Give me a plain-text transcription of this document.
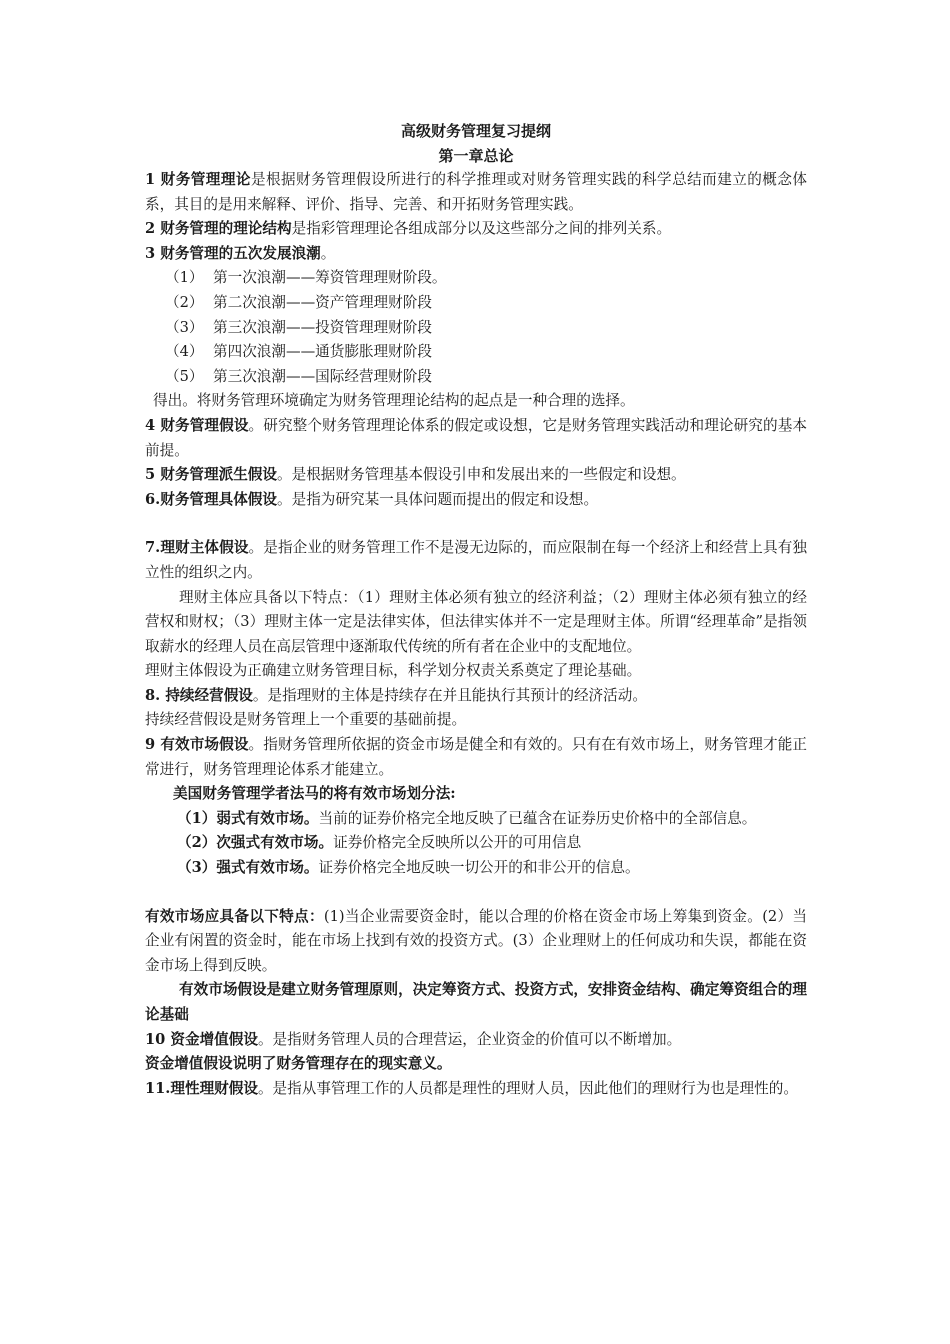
高级财务管理复习提纲

第一章总论

1 财务管理理论是根据财务管理假设所进行的科学推理或对财务管理实践的科学总结而建立的概念体系，其目的是用来解释、评价、指导、完善、和开拓财务管理实践。

2 财务管理的理论结构是指彩管理理论各组成部分以及这些部分之间的排列关系。

3 财务管理的五次发展浪潮。

（1） 第一次浪潮——筹资管理理财阶段。

（2） 第二次浪潮——资产管理理财阶段

（3） 第三次浪潮——投资管理理财阶段

（4） 第四次浪潮——通货膨胀理财阶段

（5） 第三次浪潮——国际经营理财阶段

得出。将财务管理环境确定为财务管理理论结构的起点是一种合理的选择。

4 财务管理假设。研究整个财务管理理论体系的假定或设想，它是财务管理实践活动和理论研究的基本前提。

5 财务管理派生假设。是根据财务管理基本假设引申和发展出来的一些假定和设想。

6.财务管理具体假设。是指为研究某一具体问题而提出的假定和设想。

7.理财主体假设。是指企业的财务管理工作不是漫无边际的，而应限制在每一个经济上和经营上具有独立性的组织之内。

理财主体应具备以下特点：（1）理财主体必须有独立的经济利益；（2）理财主体必须有独立的经营权和财权；（3）理财主体一定是法律实体，但法律实体并不一定是理财主体。所谓“经理革命”是指领取薪水的经理人员在高层管理中逐渐取代传统的所有者在企业中的支配地位。

理财主体假设为正确建立财务管理目标，科学划分权责关系奠定了理论基础。

8. 持续经营假设。是指理财的主体是持续存在并且能执行其预计的经济活动。

持续经营假设是财务管理上一个重要的基础前提。

9 有效市场假设。指财务管理所依据的资金市场是健全和有效的。只有在有效市场上，财务管理才能正常进行，财务管理理论体系才能建立。

美国财务管理学者法马的将有效市场划分法:

（1）弱式有效市场。当前的证券价格完全地反映了已蕴含在证券历史价格中的全部信息。

（2）次强式有效市场。证券价格完全反映所以公开的可用信息

（3）强式有效市场。证券价格完全地反映一切公开的和非公开的信息。

有效市场应具备以下特点：(1)当企业需要资金时，能以合理的价格在资金市场上筹集到资金。(2）当企业有闲置的资金时，能在市场上找到有效的投资方式。(3）企业理财上的任何成功和失误，都能在资金市场上得到反映。

有效市场假设是建立财务管理原则，决定筹资方式、投资方式，安排资金结构、确定筹资组合的理论基础

10 资金增值假设。是指财务管理人员的合理营运，企业资金的价值可以不断增加。

资金增值假设说明了财务管理存在的现实意义。

11.理性理财假设。是指从事管理工作的人员都是理性的理财人员，因此他们的理财行为也是理性的。
